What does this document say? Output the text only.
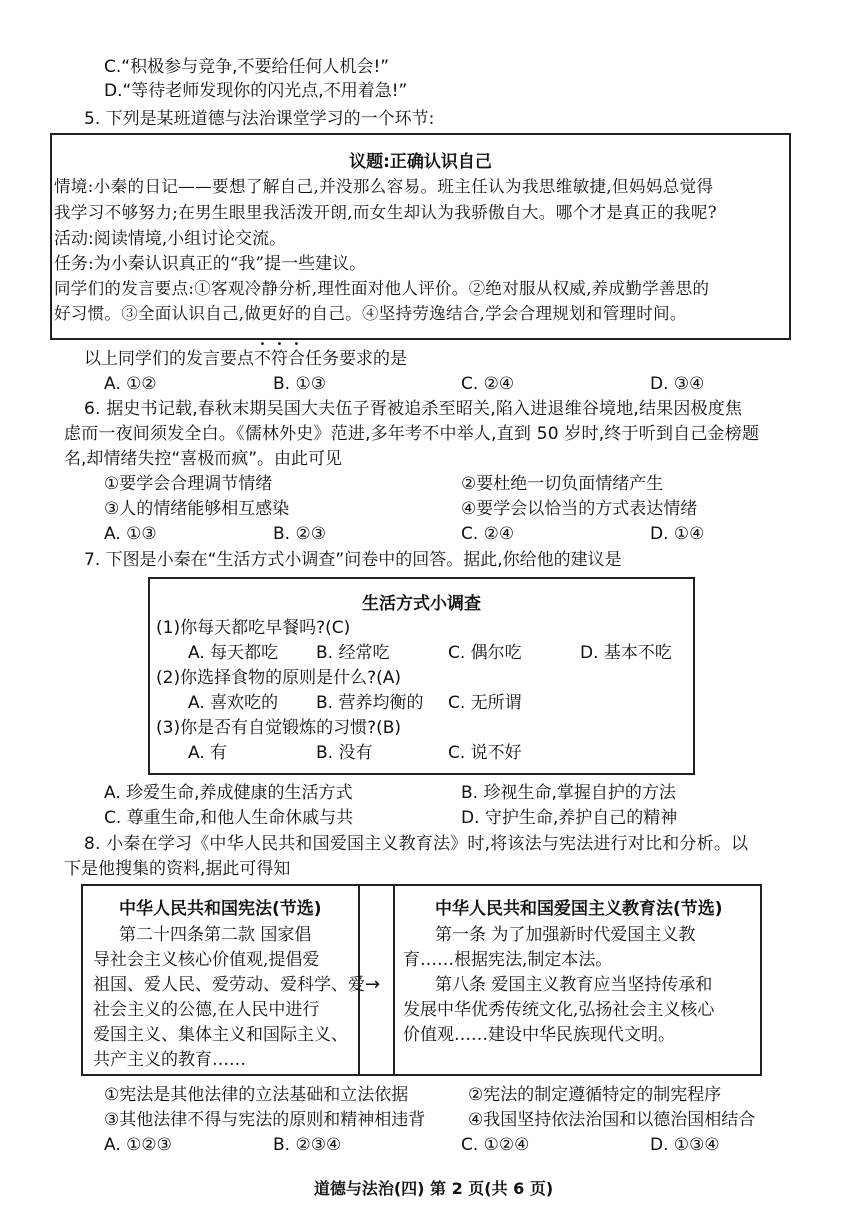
C.“积极参与竞争,不要给任何人机会!”
D.“等待老师发现你的闪光点,不用着急!”
5. 下列是某班道德与法治课堂学习的一个环节:
议题:正确认识自己
情境:小秦的日记——要想了解自己,并没那么容易。班主任认为我思维敏捷,但妈妈总觉得
我学习不够努力;在男生眼里我活泼开朗,而女生却认为我骄傲自大。哪个才是真正的我呢?
活动:阅读情境,小组讨论交流。
任务:为小秦认识真正的“我”提一些建议。
同学们的发言要点:①客观冷静分析,理性面对他人评价。②绝对服从权威,养成勤学善思的
好习惯。③全面认识自己,做更好的自己。④坚持劳逸结合,学会合理规划和管理时间。
以上同学们的发言要点不符合任务要求的是
A. ①②	B. ①③	C. ②④	D. ③④
6. 据史书记载,春秋末期吴国大夫伍子胥被追杀至昭关,陷入进退维谷境地,结果因极度焦
虑而一夜间须发全白。《儒林外史》范进,多年考不中举人,直到 50 岁时,终于听到自己金榜题
名,却情绪失控“喜极而疯”。由此可见
①要学会合理调节情绪	②要杜绝一切负面情绪产生
③人的情绪能够相互感染	④要学会以恰当的方式表达情绪
A. ①③	B. ②③	C. ②④	D. ①④
7. 下图是小秦在“生活方式小调查”问卷中的回答。据此,你给他的建议是
生活方式小调查
(1)你每天都吃早餐吗?(C)
A. 每天都吃 B. 经常吃	C. 偶尔吃	D. 基本不吃
(2)你选择食物的原则是什么?(A)
A. 喜欢吃的 B. 营养均衡的 C. 无所谓
(3)你是否有自觉锻炼的习惯?(B)
A. 有	B. 没有	C. 说不好
A. 珍爱生命,养成健康的生活方式	B. 珍视生命,掌握自护的方法
C. 尊重生命,和他人生命休戚与共	D. 守护生命,养护自己的精神
8. 小秦在学习《中华人民共和国爱国主义教育法》时,将该法与宪法进行对比和分析。以
下是他搜集的资料,据此可得知
中华人民共和国宪法(节选)
第二十四条第二款 国家倡
导社会主义核心价值观,提倡爱
祖国、爱人民、爱劳动、爱科学、爱
社会主义的公德,在人民中进行
爱国主义、集体主义和国际主义、
共产主义的教育……
→
中华人民共和国爱国主义教育法(节选)
第一条 为了加强新时代爱国主义教
育……根据宪法,制定本法。
第八条 爱国主义教育应当坚持传承和
发展中华优秀传统文化,弘扬社会主义核心
价值观……建设中华民族现代文明。
①宪法是其他法律的立法基础和立法依据	②宪法的制定遵循特定的制宪程序
③其他法律不得与宪法的原则和精神相违背	④我国坚持依法治国和以德治国相结合
A. ①②③	B. ②③④	C. ①②④	D. ①③④
道德与法治(四) 第 2 页(共 6 页)
